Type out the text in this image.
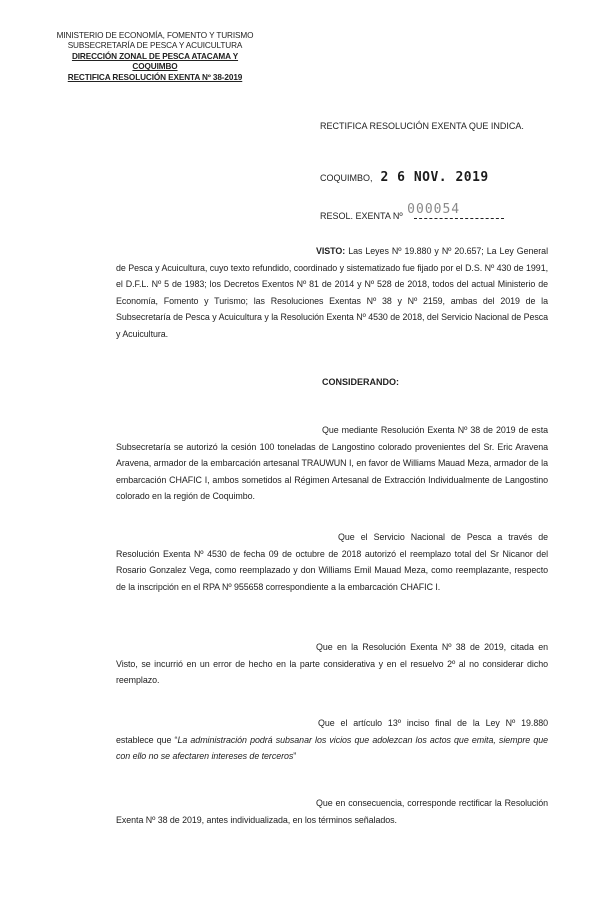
MINISTERIO DE ECONOMÍA, FOMENTO Y TURISMO
SUBSECRETARÍA DE PESCA Y ACUICULTURA
DIRECCIÓN ZONAL DE PESCA ATACAMA Y
COQUIMBO
RECTIFICA RESOLUCIÓN EXENTA Nº 38-2019
RECTIFICA RESOLUCIÓN EXENTA QUE INDICA.
COQUIMBO, 2 6 NOV. 2019
RESOL. EXENTA Nº 000054
VISTO: Las Leyes Nº 19.880 y Nº 20.657; La Ley General de Pesca y Acuicultura, cuyo texto refundido, coordinado y sistematizado fue fijado por el D.S. Nº 430 de 1991, el D.F.L. Nº 5 de 1983; los Decretos Exentos Nº 81 de 2014 y Nº 528 de 2018, todos del actual Ministerio de Economía, Fomento y Turismo; las Resoluciones Exentas Nº 38 y Nº 2159, ambas del 2019 de la Subsecretaría de Pesca y Acuicultura y la Resolución Exenta Nº 4530 de 2018, del Servicio Nacional de Pesca y Acuicultura.
CONSIDERANDO:
Que mediante Resolución Exenta Nº 38 de 2019 de esta Subsecretaría se autorizó la cesión 100 toneladas de Langostino colorado provenientes del Sr. Eric Aravena Aravena, armador de la embarcación artesanal TRAUWUN I, en favor de Williams Mauad Meza, armador de la embarcación CHAFIC I, ambos sometidos al Régimen Artesanal de Extracción Individualmente de Langostino colorado en la región de Coquimbo.
Que el Servicio Nacional de Pesca a través de Resolución Exenta Nº 4530 de fecha 09 de octubre de 2018 autorizó el reemplazo total del Sr Nicanor del Rosario Gonzalez Vega, como reemplazado y don Williams Emil Mauad Meza, como reemplazante, respecto de la inscripción en el RPA Nº 955658 correspondiente a la embarcación CHAFIC I.
Que en la Resolución Exenta Nº 38 de 2019, citada en Visto, se incurrió en un error de hecho en la parte considerativa y en el resuelvo 2º al no considerar dicho reemplazo.
Que el artículo 13º inciso final de la Ley Nº 19.880 establece que “La administración podrá subsanar los vicios que adolezcan los actos que emita, siempre que con ello no se afectaren intereses de terceros”
Que en consecuencia, corresponde rectificar la Resolución Exenta Nº 38 de 2019, antes individualizada, en los términos señalados.
